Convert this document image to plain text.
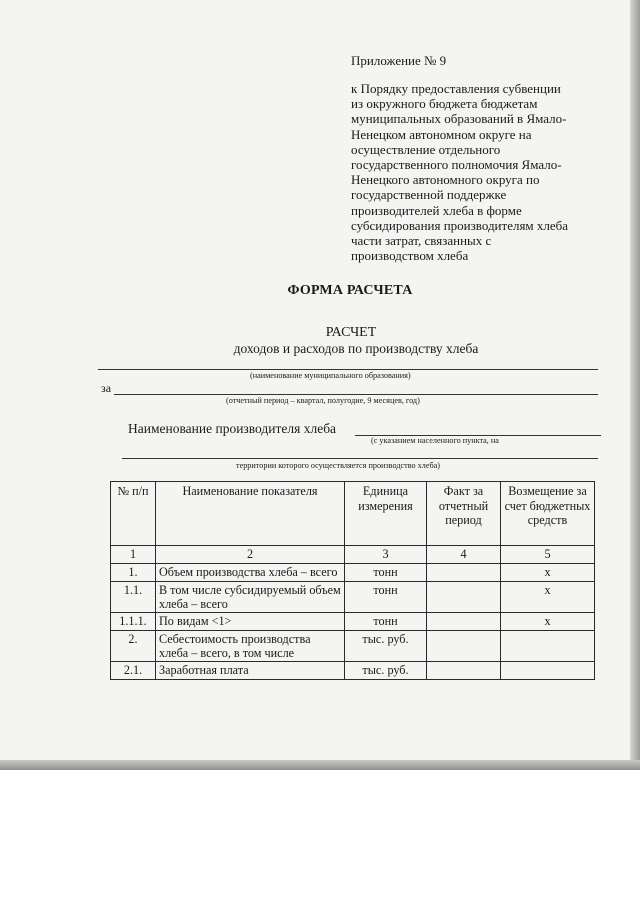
Приложение № 9
к Порядку предоставления субвенции
из окружного бюджета бюджетам
муниципальных образований в Ямало-
Ненецком автономном округе на
осуществление отдельного
государственного полномочия Ямало-
Ненецкого автономного округа по
государственной поддержке
производителей хлеба в форме
субсидирования производителям хлеба
части затрат, связанных с
производством хлеба
ФОРМА РАСЧЕТА
РАСЧЕТ
доходов и расходов по производству хлеба
(наименование муниципального образования)
за
(отчетный период – квартал, полугодие, 9 месяцев, год)
Наименование производителя хлеба
(с указанием населенного пункта, на
территории которого осуществляется производство хлеба)
№ п/п	Наименование показателя	Единица измерения	Факт за отчетный период	Возмещение за счет бюджетных средств
1	2	3	4	5
1.	Объем производства хлеба – всего	тонн		х
1.1.	В том числе субсидируемый объем хлеба – всего	тонн		х
1.1.1.	По видам <1>	тонн		х
2.	Себестоимость производства хлеба – всего, в том числе	тыс. руб.		
2.1.	Заработная плата	тыс. руб.		
